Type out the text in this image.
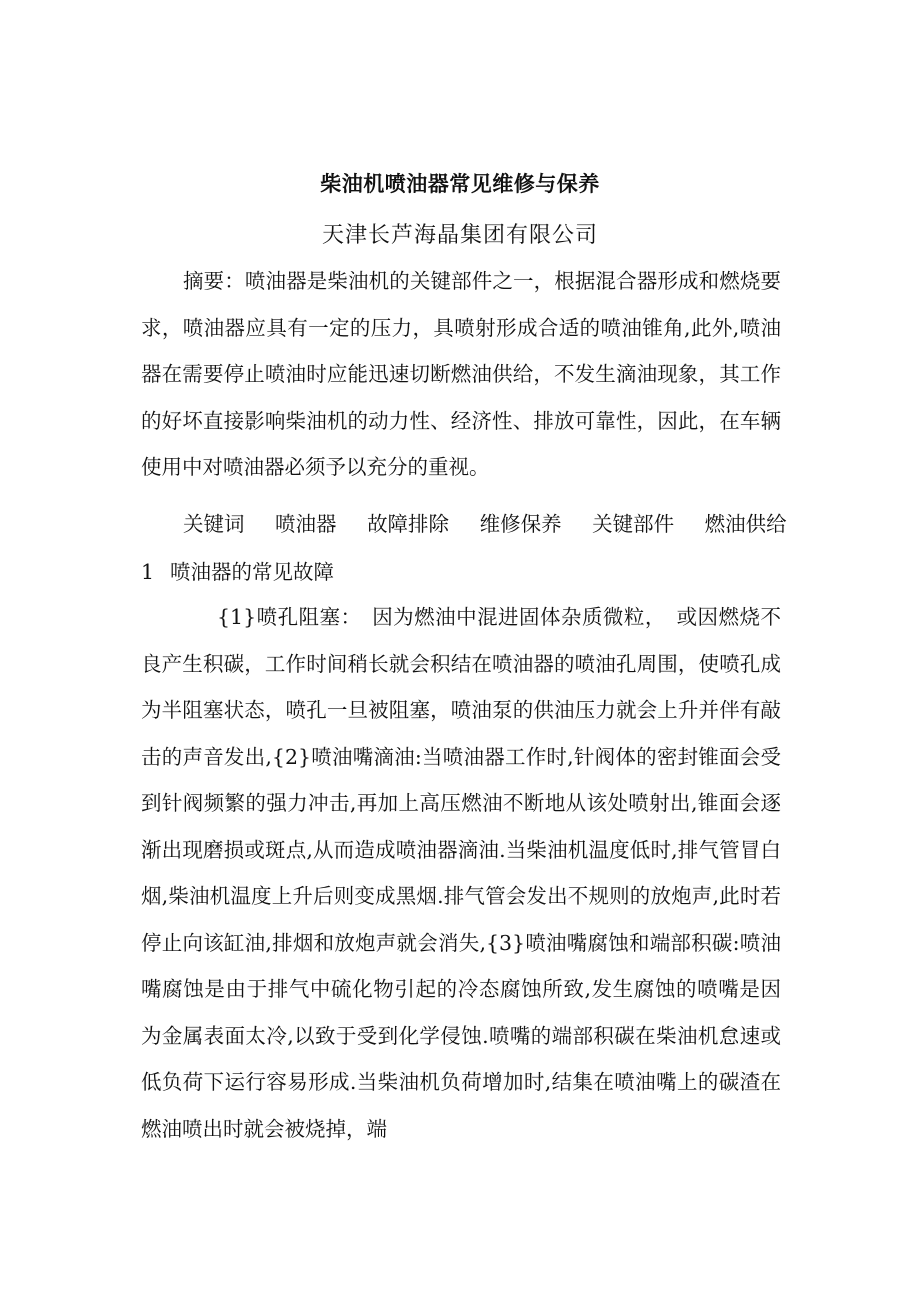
柴油机喷油器常见维修与保养
天津长芦海晶集团有限公司

摘要：喷油器是柴油机的关键部件之一，根据混合器形成和燃烧要求，喷油器应具有一定的压力，具喷射形成合适的喷油锥角,此外,喷油器在需要停止喷油时应能迅速切断燃油供给，不发生滴油现象，其工作的好坏直接影响柴油机的动力性、经济性、排放可靠性，因此，在车辆使用中对喷油器必须予以充分的重视。

关键词 喷油器 故障排除 维修保养 关键部件 燃油供给
1 喷油器的常见故障

{1}喷孔阻塞：　因为燃油中混进固体杂质微粒，　或因燃烧不良产生积碳，工作时间稍长就会积结在喷油器的喷油孔周围，使喷孔成为半阻塞状态，喷孔一旦被阻塞，喷油泵的供油压力就会上升并伴有敲击的声音发出,{2}喷油嘴滴油:当喷油器工作时,针阀体的密封锥面会受到针阀频繁的强力冲击,再加上高压燃油不断地从该处喷射出,锥面会逐渐出现磨损或斑点,从而造成喷油器滴油.当柴油机温度低时,排气管冒白烟,柴油机温度上升后则变成黑烟.排气管会发出不规则的放炮声,此时若停止向该缸油,排烟和放炮声就会消失,{3}喷油嘴腐蚀和端部积碳:喷油嘴腐蚀是由于排气中硫化物引起的冷态腐蚀所致,发生腐蚀的喷嘴是因为金属表面太冷,以致于受到化学侵蚀.喷嘴的端部积碳在柴油机怠速或低负荷下运行容易形成.当柴油机负荷增加时,结集在喷油嘴上的碳渣在燃油喷出时就会被烧掉，端
